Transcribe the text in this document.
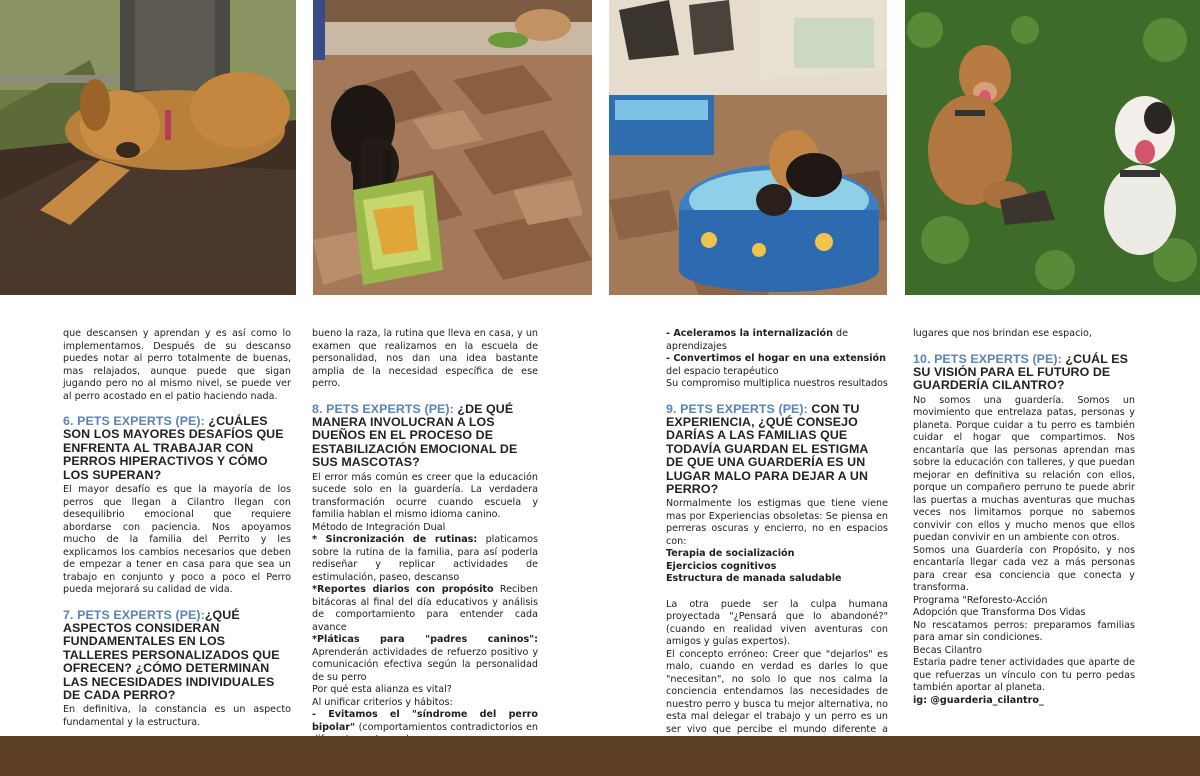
que descansen y aprendan y es así como lo implementamos. Después de su descanso puedes notar al perro totalmente de buenas, mas relajados, aunque puede que sigan jugando pero no al mismo nivel, se puede ver al perro acostado en el patio haciendo nada.

6. PETS EXPERTS (PE): ¿CUÁLES SON LOS MAYORES DESAFÍOS QUE ENFRENTA AL TRABAJAR CON PERROS HIPERACTIVOS Y CÓMO LOS SUPERAN?

El mayor desafío es que la mayoría de los perros que llegan a Cilantro llegan con desequilibrio emocional que requiere abordarse con paciencia. Nos apoyamos mucho de la familia del Perrito y les explicamos los cambios necesarios que deben de empezar a tener en casa para que sea un trabajo en conjunto y poco a poco el Perro pueda mejorará su calidad de vida.

7. PETS EXPERTS (PE):¿QUÉ ASPECTOS CONSIDERAN FUNDAMENTALES EN LOS TALLERES PERSONALIZADOS QUE OFRECEN? ¿CÓMO DETERMINAN LAS NECESIDADES INDIVIDUALES DE CADA PERRO?

En definitiva, la constancia es un aspecto fundamental y la estructura.

bueno la raza, la rutina que lleva en casa, y un examen que realizamos en la escuela de personalidad, nos dan una idea bastante amplia de la necesidad específica de ese perro.

8. PETS EXPERTS (PE): ¿DE QUÉ MANERA INVOLUCRAN A LOS DUEÑOS EN EL PROCESO DE ESTABILIZACIÓN EMOCIONAL DE SUS MASCOTAS?

El error más común es creer que la educación sucede solo en la guardería. La verdadera transformación ocurre cuando escuela y familia hablan el mismo idioma canino.

Método de Integración Dual

* Sincronización de rutinas: platicamos sobre la rutina de la familia, para así poderla rediseñar y replicar actividades de estimulación, paseo, descanso

*Reportes diarios con propósito Reciben bitácoras al final del día educativos y análisis de comportamiento para entender cada avance

*Pláticas para "padres caninos": Aprenderán actividades de refuerzo positivo y comunicación efectiva según la personalidad de su perro

Por qué esta alianza es vital?

Al unificar criterios y hábitos:

- Evitamos el "síndrome del perro bipolar" (comportamientos contradictorios en

- Aceleramos la internalización de aprendizajes

- Convertimos el hogar en una extensión del espacio terapéutico

Su compromiso multiplica nuestros resultados

9. PETS EXPERTS (PE): CON TU EXPERIENCIA, ¿QUÉ CONSEJO DARÍAS A LAS FAMILIAS QUE TODAVÍA GUARDAN EL ESTIGMA DE QUE UNA GUARDERÍA ES UN LUGAR MALO PARA DEJAR A UN PERRO?

Normalmente los estigmas que tiene viene mas por Experiencias obsoletas: Se piensa en perreras oscuras y encierro, no en espacios con:

Terapia de socialización

Ejercicios cognitivos

Estructura de manada saludable

La otra puede ser la culpa humana proyectada "¿Pensará que lo abandoné?" (cuando en realidad viven aventuras con amigos y guías expertos).

El concepto erróneo: Creer que "dejarlos" es malo, cuando en verdad es darles lo que "necesitan", no solo lo que nos calma la conciencia entendamos las necesidades de nuestro perro y busca tu mejor alternativa, no esta mal delegar el trabajo y un perro es un ser vivo que percibe el mundo diferente a

lugares que nos brindan ese espacio,

10. PETS EXPERTS (PE): ¿CUÁL ES SU VISIÓN PARA EL FUTURO DE GUARDERÍA CILANTRO?

No somos una guardería. Somos un movimiento que entrelaza patas, personas y planeta. Porque cuidar a tu perro es también cuidar el hogar que compartimos. Nos encantaría que las personas aprendan mas sobre la educación con talleres, y que puedan mejorar en definitiva su relación con ellos, porque un compañero perruno te puede abrir las puertas a muchas aventuras que muchas veces nos limitamos porque no sabemos convivir con ellos y mucho menos que ellos puedan convivir en un ambiente con otros.

Somos una Guardería con Propósito, y nos encantaría llegar cada vez a más personas para crear esa conciencia que conecta y transforma.

Programa "Reforesto-Acción

Adopción que Transforma Dos Vidas

No rescatamos perros: preparamos familias para amar sin condiciones.

Becas Cilantro

Estaria padre tener actividades que aparte de que refuerzas un vínculo con tu perro pedas también aportar al planeta.

ig: @guarderia_cilantro_
